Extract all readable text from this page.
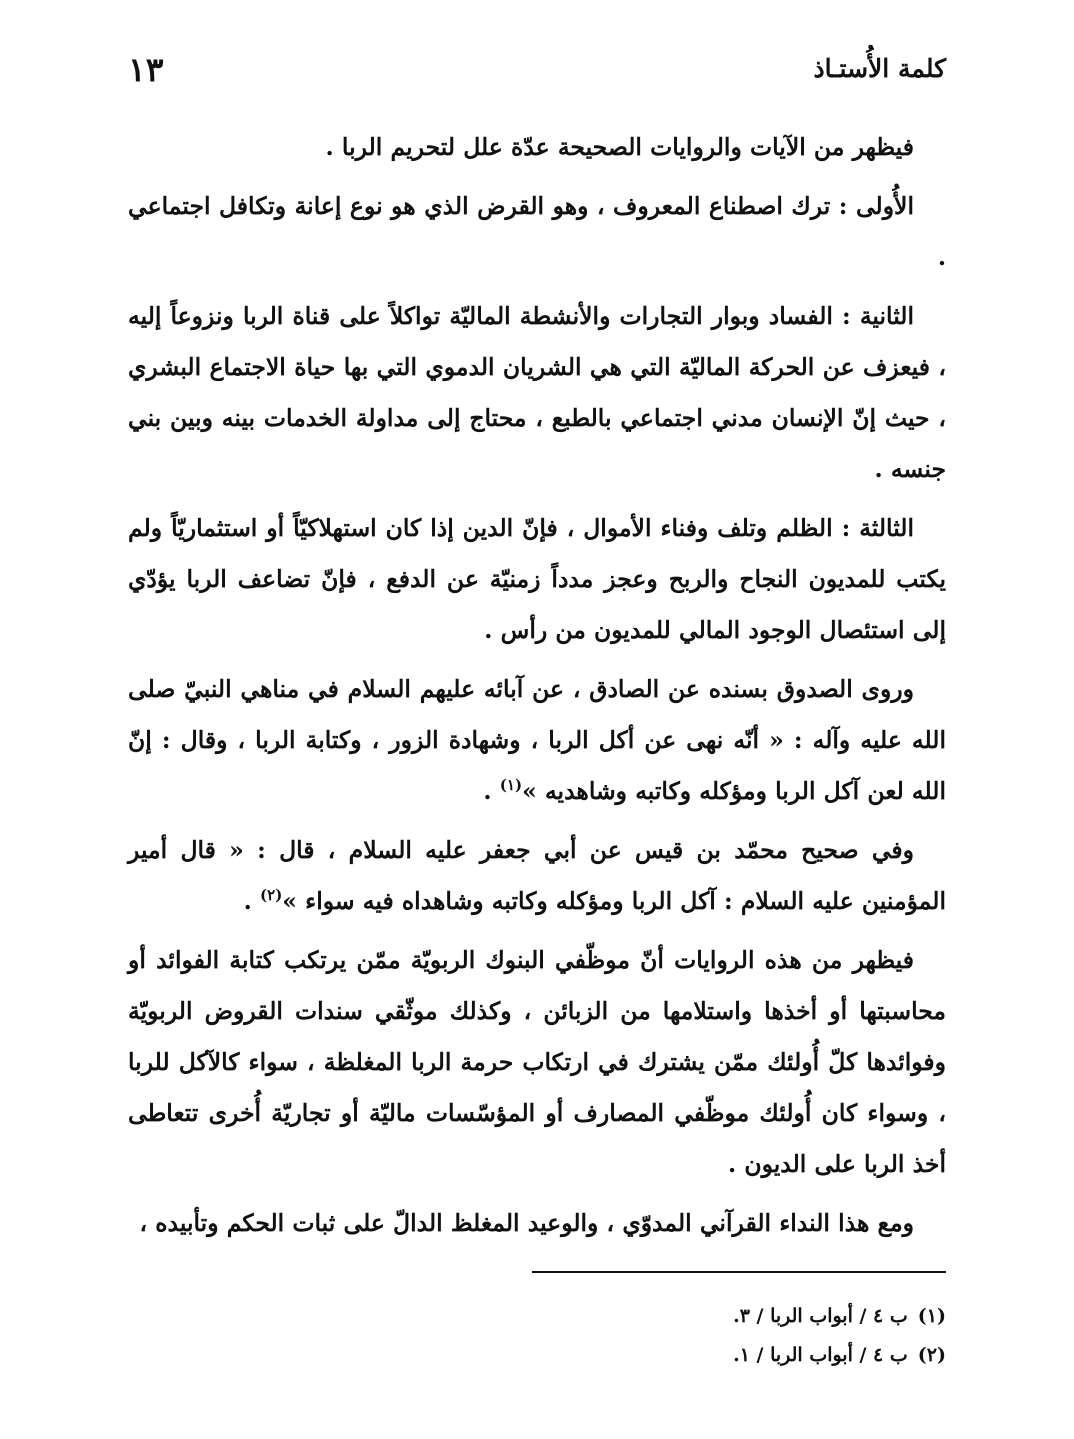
كلمة الأُستـاذ
١٣

فيظهر من الآيات والروايات الصحيحة عدّة علل لتحريم الربا .

الأُولى : ترك اصطناع المعروف ، وهو القرض الذي هو نوع إعانة وتكافل اجتماعي .

الثانية : الفساد وبوار التجارات والأنشطة الماليّة تواكلاً على قناة الربا ونزوعاً إليه ، فيعزف عن الحركة الماليّة التي هي الشريان الدموي التي بها حياة الاجتماع البشري ، حيث إنّ الإنسان مدني اجتماعي بالطبع ، محتاج إلى مداولة الخدمات بينه وبين بني جنسه .

الثالثة : الظلم وتلف وفناء الأموال ، فإنّ الدين إذا كان استهلاكيّاً أو استثماريّاً ولم يكتب للمديون النجاح والربح وعجز مدداً زمنيّة عن الدفع ، فإنّ تضاعف الربا يؤدّي إلى استئصال الوجود المالي للمديون من رأس .

وروى الصدوق بسنده عن الصادق ، عن آبائه عليهم السلام في مناهي النبيّ صلى الله عليه وآله : « أنّه نهى عن أكل الربا ، وشهادة الزور ، وكتابة الربا ، وقال : إنّ الله لعن آكل الربا ومؤكله وكاتبه وشاهديه »$^{(١)}$ .

وفي صحيح محمّد بن قيس عن أبي جعفر عليه السلام ، قال : « قال أمير المؤمنين عليه السلام : آكل الربا ومؤكله وكاتبه وشاهداه فيه سواء »$^{(٢)}$ .

فيظهر من هذه الروايات أنّ موظّفي البنوك الربويّة ممّن يرتكب كتابة الفوائد أو محاسبتها أو أخذها واستلامها من الزبائن ، وكذلك موثّقي سندات القروض الربويّة وفوائدها كلّ أُولئك ممّن يشترك في ارتكاب حرمة الربا المغلظة ، سواء كالآكل للربا ، وسواء كان أُولئك موظّفي المصارف أو المؤسّسات ماليّة أو تجاريّة أُخرى تتعاطى أخذ الربا على الديون .

ومع هذا النداء القرآني المدوّي ، والوعيد المغلظ الدالّ على ثبات الحكم وتأبيده ،

(١)ب ٤ / أبواب الربا / ٣.
(٢)ب ٤ / أبواب الربا / ١.
